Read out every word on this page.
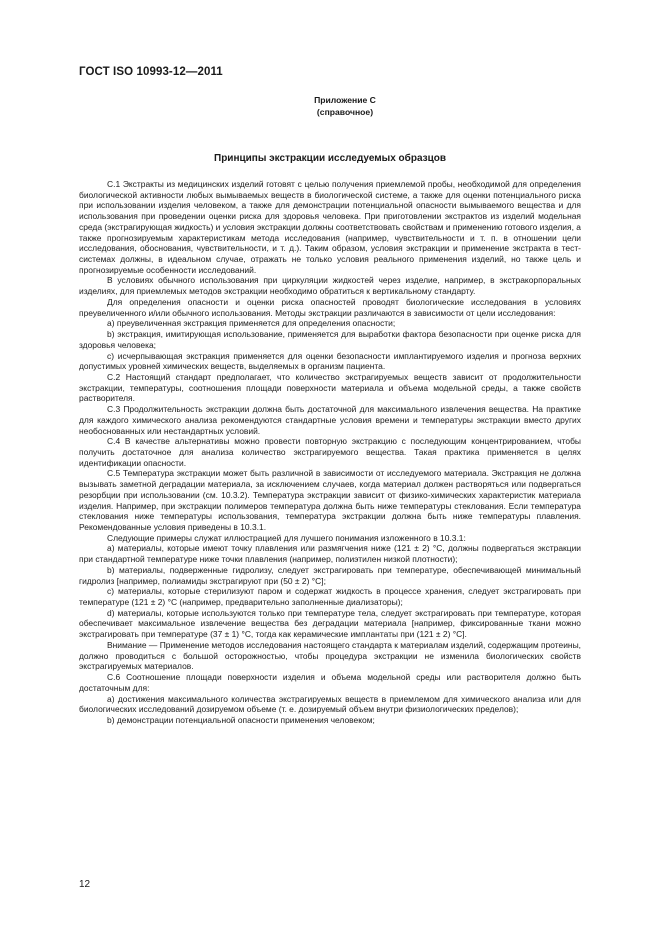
ГОСТ ISO 10993-12—2011
Приложение C
(справочное)
Принципы экстракции исследуемых образцов

С.1 Экстракты из медицинских изделий готовят с целью получения приемлемой пробы, необходимой для определения биологической активности любых вымываемых веществ в биологической системе, а также для оценки потенциального риска при использовании изделия человеком, а также для демонстрации потенциальной опасности вымываемого вещества и для использования при проведении оценки риска для здоровья человека. При приготовлении экстрактов из изделий модельная среда (экстрагирующая жидкость) и условия экстракции должны соответствовать свойствам и применению готового изделия, а также прогнозируемым характеристикам метода исследования (например, чувствительности и т. п. в отношении цели исследования, обоснования, чувствительности, и т. д.). Таким образом, условия экстракции и применение экстракта в тест-системах должны, в идеальном случае, отражать не только условия реального применения изделий, но также цель и прогнозируемые особенности исследований.

В условиях обычного использования при циркуляции жидкостей через изделие, например, в экстракорпоральных изделиях, для приемлемых методов экстракции необходимо обратиться к вертикальному стандарту.

Для определения опасности и оценки риска опасностей проводят биологические исследования в условиях преувеличенного и/или обычного использования. Методы экстракции различаются в зависимости от цели исследования:

a) преувеличенная экстракция применяется для определения опасности;

b) экстракция, имитирующая использование, применяется для выработки фактора безопасности при оценке риска для здоровья человека;

c) исчерпывающая экстракция применяется для оценки безопасности имплантируемого изделия и прогноза верхних допустимых уровней химических веществ, выделяемых в организм пациента.

С.2 Настоящий стандарт предполагает, что количество экстрагируемых веществ зависит от продолжительности экстракции, температуры, соотношения площади поверхности материала и объема модельной среды, а также свойств растворителя.

С.3 Продолжительность экстракции должна быть достаточной для максимального извлечения вещества. На практике для каждого химического анализа рекомендуются стандартные условия времени и температуры экстракции вместо других необоснованных или нестандартных условий.

С.4 В качестве альтернативы можно провести повторную экстракцию с последующим концентрированием, чтобы получить достаточное для анализа количество экстрагируемого вещества. Такая практика применяется в целях идентификации опасности.

С.5 Температура экстракции может быть различной в зависимости от исследуемого материала. Экстракция не должна вызывать заметной деградации материала, за исключением случаев, когда материал должен растворяться или подвергаться резорбции при использовании (см. 10.3.2). Температура экстракции зависит от физико-химических характеристик материала изделия. Например, при экстракции полимеров температура должна быть ниже температуры стеклования. Если температура стеклования ниже температуры использования, температура экстракции должна быть ниже температуры плавления. Рекомендованные условия приведены в 10.3.1.

Следующие примеры служат иллюстрацией для лучшего понимания изложенного в 10.3.1:

a) материалы, которые имеют точку плавления или размягчения ниже (121 ± 2) °С, должны подвергаться экстракции при стандартной температуре ниже точки плавления (например, полиэтилен низкой плотности);

b) материалы, подверженные гидролизу, следует экстрагировать при температуре, обеспечивающей минимальный гидролиз [например, полиамиды экстрагируют при (50 ± 2) °С];

c) материалы, которые стерилизуют паром и содержат жидкость в процессе хранения, следует экстрагировать при температуре (121 ± 2) °С (например, предварительно заполненные диализаторы);

d) материалы, которые используются только при температуре тела, следует экстрагировать при температуре, которая обеспечивает максимальное извлечение вещества без деградации материала [например, фиксированные ткани можно экстрагировать при температуре (37 ± 1) °С, тогда как керамические имплантаты при (121 ± 2) °С].

Внимание — Применение методов исследования настоящего стандарта к материалам изделий, содержащим протеины, должно проводиться с большой осторожностью, чтобы процедура экстракции не изменила биологических свойств экстрагируемых материалов.

С.6 Соотношение площади поверхности изделия и объема модельной среды или растворителя должно быть достаточным для:

a) достижения максимального количества экстрагируемых веществ в приемлемом для химического анализа или для биологических исследований дозируемом объеме (т. е. дозируемый объем внутри физиологических пределов);

b) демонстрации потенциальной опасности применения человеком;

12
